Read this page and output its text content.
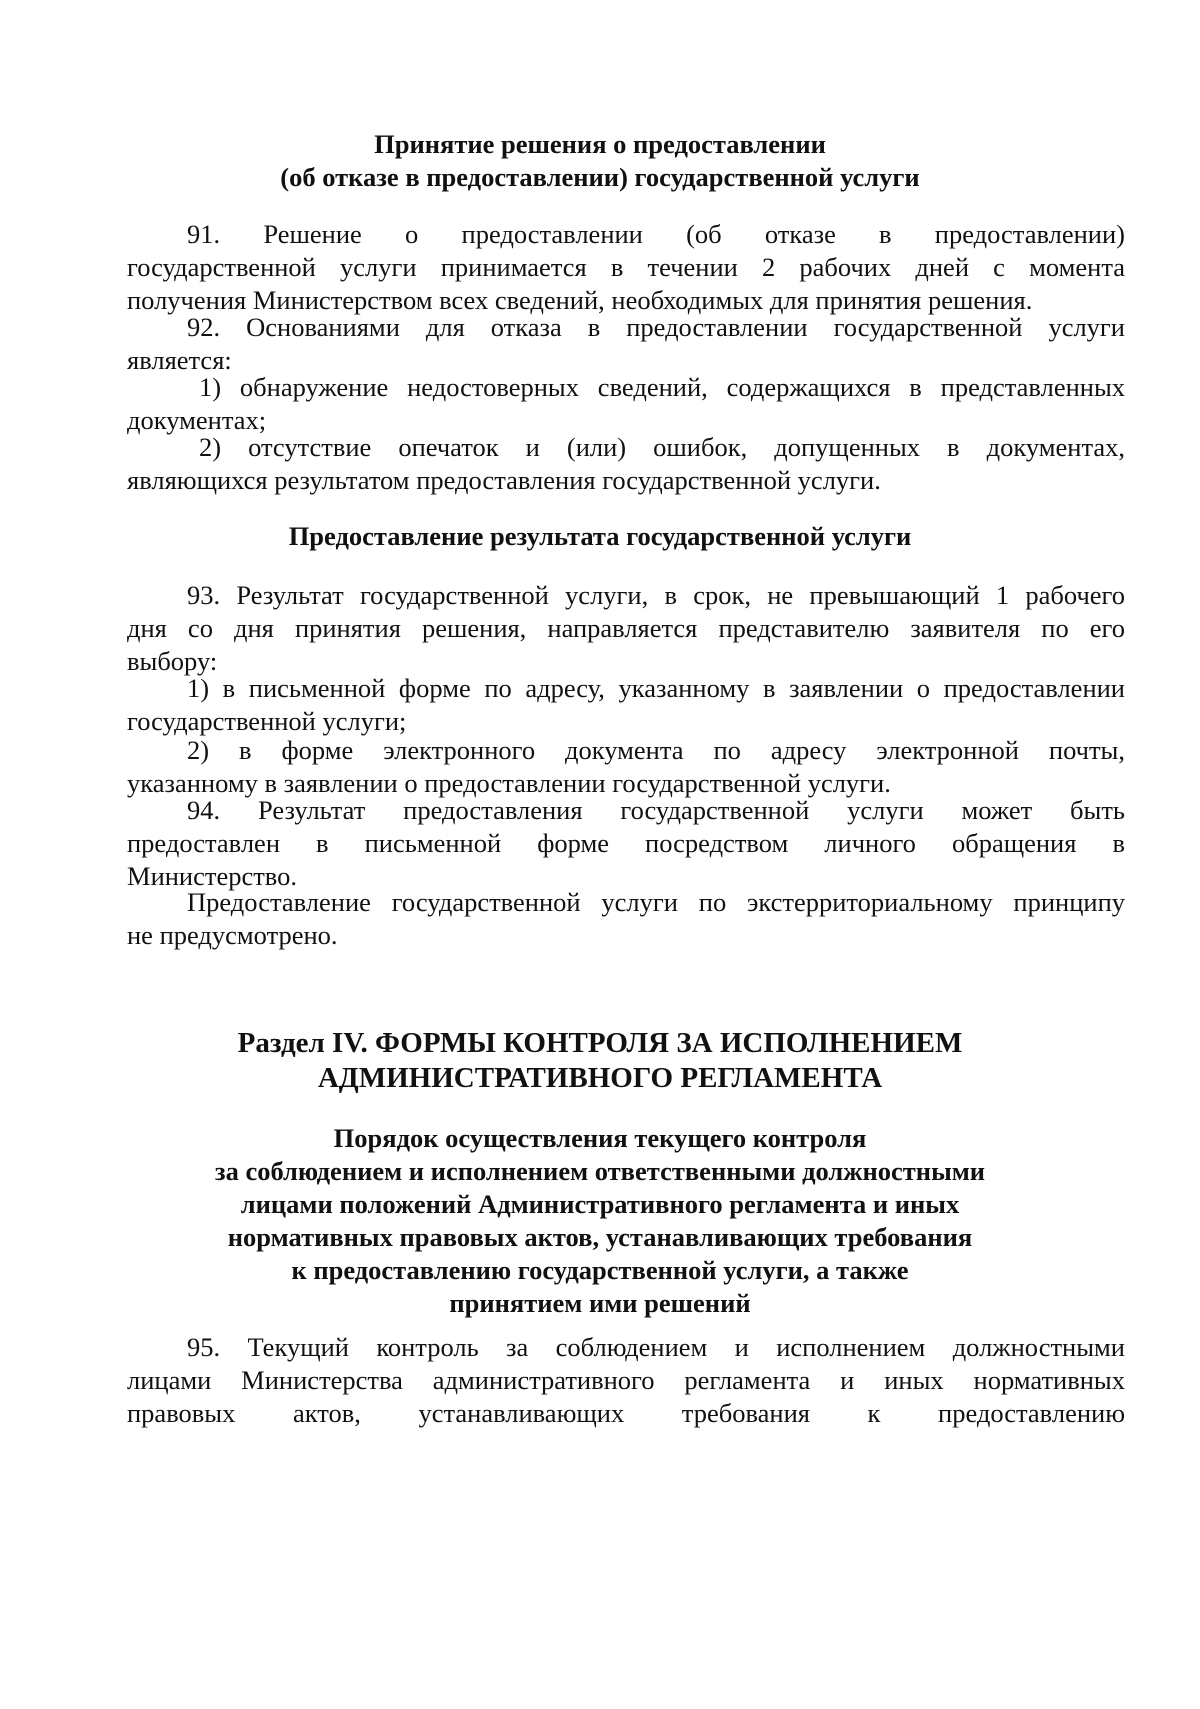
Принятие решения о предоставлении
(об отказе в предоставлении) государственной услуги
91. Решение о предоставлении (об отказе в предоставлении)
государственной услуги принимается в течении 2 рабочих дней с момента
получения Министерством всех сведений, необходимых для принятия решения.
92. Основаниями для отказа в предоставлении государственной услуги
является:
1) обнаружение недостоверных сведений, содержащихся в представленных
документах;
2) отсутствие опечаток и (или) ошибок, допущенных в документах,
являющихся результатом предоставления государственной услуги.
Предоставление результата государственной услуги
93. Результат государственной услуги, в срок, не превышающий 1 рабочего
дня со дня принятия решения, направляется представителю заявителя по его
выбору:
1) в письменной форме по адресу, указанному в заявлении о предоставлении
государственной услуги;
2) в форме электронного документа по адресу электронной почты,
указанному в заявлении о предоставлении государственной услуги.
94. Результат предоставления государственной услуги может быть
предоставлен в письменной форме посредством личного обращения в
Министерство.
Предоставление государственной услуги по экстерриториальному принципу
не предусмотрено.
Раздел IV. ФОРМЫ КОНТРОЛЯ ЗА ИСПОЛНЕНИЕМ
АДМИНИСТРАТИВНОГО РЕГЛАМЕНТА
Порядок осуществления текущего контроля
за соблюдением и исполнением ответственными должностными
лицами положений Административного регламента и иных
нормативных правовых актов, устанавливающих требования
к предоставлению государственной услуги, а также
принятием ими решений
95. Текущий контроль за соблюдением и исполнением должностными
лицами Министерства административного регламента и иных нормативных
правовых актов, устанавливающих требования к предоставлению
